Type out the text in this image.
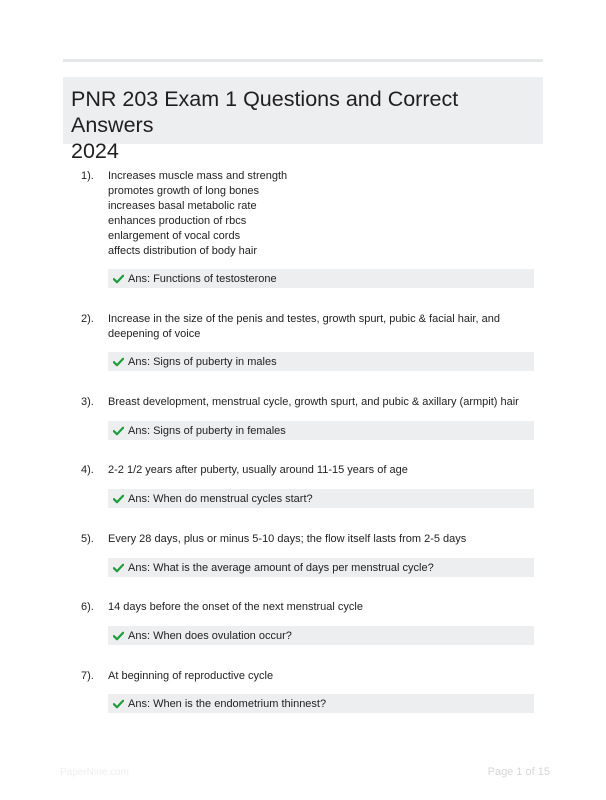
PNR 203 Exam 1 Questions and Correct Answers
2024
1). Increases muscle mass and strength
promotes growth of long bones
increases basal metabolic rate
enhances production of rbcs
enlargement of vocal cords
affects distribution of body hair
Ans: Functions of testosterone
2). Increase in the size of the penis and testes, growth spurt, pubic & facial hair, and
deepening of voice
Ans: Signs of puberty in males
3). Breast development, menstrual cycle, growth spurt, and pubic & axillary (armpit) hair
Ans: Signs of puberty in females
4). 2-2 1/2 years after puberty, usually around 11-15 years of age
Ans: When do menstrual cycles start?
5). Every 28 days, plus or minus 5-10 days; the flow itself lasts from 2-5 days
Ans: What is the average amount of days per menstrual cycle?
6). 14 days before the onset of the next menstrual cycle
Ans: When does ovulation occur?
7). At beginning of reproductive cycle
Ans: When is the endometrium thinnest?
PaperNine.com	Page 1 of 15
